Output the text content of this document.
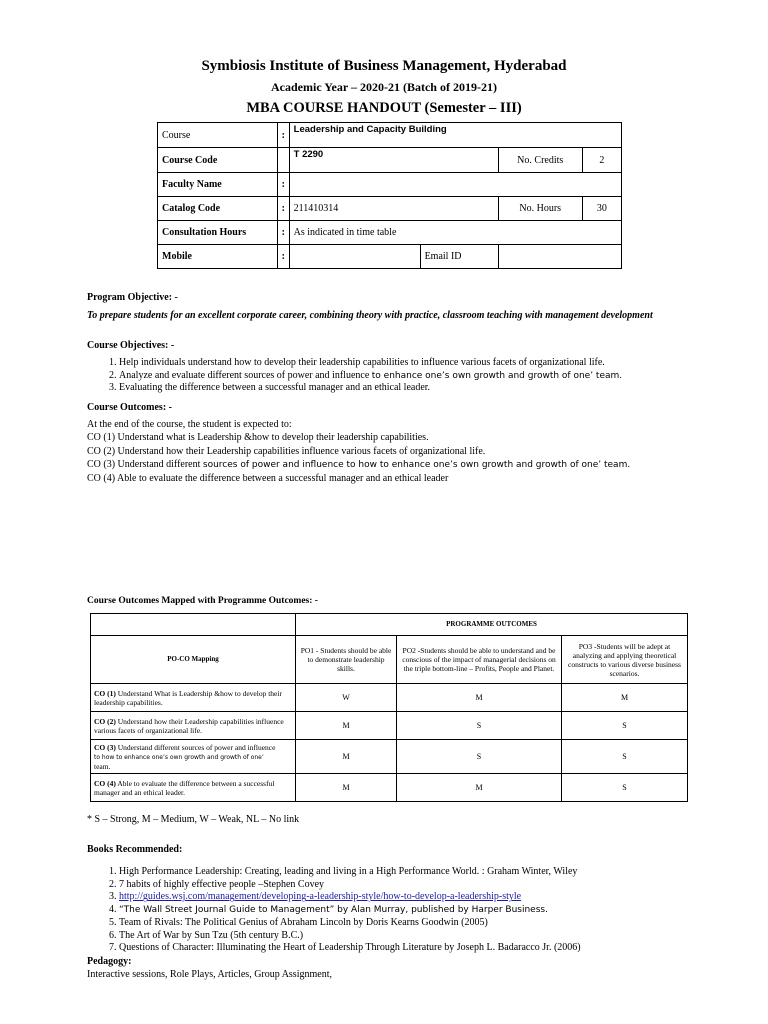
Symbiosis Institute of Business Management, Hyderabad
Academic Year – 2020-21 (Batch of 2019-21)
MBA COURSE HANDOUT (Semester – III)
Course	:	Leadership and Capacity Building			
Course Code		T 2290		No. Credits	2
Faculty Name	:				
Catalog Code	:	211410314		No. Hours	30
Consultation Hours	:	As indicated in time table			
Mobile	:		Email ID		
Program Objective: -
To prepare students for an excellent corporate career, combining theory with practice, classroom teaching with management development
Course Objectives: -
1. Help individuals understand how to develop their leadership capabilities to influence various facets of organizational life.
2. Analyze and evaluate different sources of power and influence to enhance one’s own growth and growth of one’ team.
3. Evaluating the difference between a successful manager and an ethical leader.
Course Outcomes: -
At the end of the course, the student is expected to:
CO (1) Understand what is Leadership &how to develop their leadership capabilities.
CO (2) Understand how their Leadership capabilities influence various facets of organizational life.
CO (3) Understand different sources of power and influence to how to enhance one’s own growth and growth of one’ team.
CO (4) Able to evaluate the difference between a successful manager and an ethical leader
Course Outcomes Mapped with Programme Outcomes: -
	PROGRAMME OUTCOMES		
PO-CO Mapping	PO1 - Students should be able to demonstrate leadership skills.	PO2 -Students should be able to understand and be conscious of the impact of managerial decisions on the triple bottom-line – Profits, People and Planet.	PO3 -Students will be adept at analyzing and applying theoretical constructs to various diverse business scenarios.
CO (1) Understand What is Leadership &how to develop their leadership capabilities.	W	M	M
CO (2) Understand how their Leadership capabilities influence various facets of organizational life.	M	S	S
CO (3) Understand different sources of power and influence
to how to enhance one’s own growth and growth of one’
team.	M	S	S
CO (4) Able to evaluate the difference between a successful manager and an ethical leader.	M	M	S
* S – Strong, M – Medium, W – Weak, NL – No link
Books Recommended:
1. High Performance Leadership: Creating, leading and living in a High Performance World. : Graham Winter, Wiley
2. 7 habits of highly effective people –Stephen Covey
3. http://guides.wsj.com/management/developing-a-leadership-style/how-to-develop-a-leadership-style
4. “The Wall Street Journal Guide to Management” by Alan Murray, published by Harper Business.
5. Team of Rivals: The Political Genius of Abraham Lincoln by Doris Kearns Goodwin (2005)
6. The Art of War by Sun Tzu (5th century B.C.)
7. Questions of Character: Illuminating the Heart of Leadership Through Literature by Joseph L. Badaracco Jr. (2006)
Pedagogy:
Interactive sessions, Role Plays, Articles, Group Assignment,
